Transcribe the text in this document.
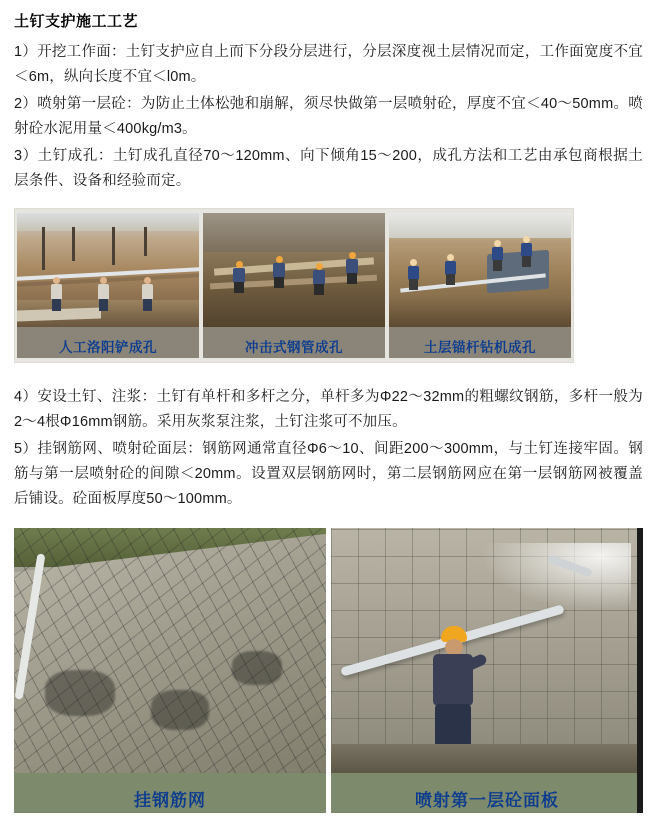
土钉支护施工工艺

1）开挖工作面：土钉支护应自上而下分段分层进行，分层深度视土层情况而定，工作面宽度不宜＜6m，纵向长度不宜＜l0m。

2）喷射第一层砼：为防止土体松弛和崩解，须尽快做第一层喷射砼，厚度不宜＜40～50mm。喷射砼水泥用量＜400kg/m3。

3）土钉成孔：土钉成孔直径70～120mm、向下倾角15～200，成孔方法和工艺由承包商根据土层条件、设备和经验而定。

人工洛阳铲成孔	冲击式钢管成孔	土层锚杆钻机成孔

4）安设土钉、注浆：土钉有单杆和多杆之分，单杆多为Φ22～32mm的粗螺纹钢筋，多杆一般为2～4根Φ16mm钢筋。采用灰浆泵注浆，土钉注浆可不加压。

5）挂钢筋网、喷射砼面层：钢筋网通常直径Φ6～10、间距200～300mm，与土钉连接牢固。钢筋与第一层喷射砼的间隙＜20mm。设置双层钢筋网时，第二层钢筋网应在第一层钢筋网被覆盖后铺设。砼面板厚度50～100mm。

挂钢筋网	喷射第一层砼面板
